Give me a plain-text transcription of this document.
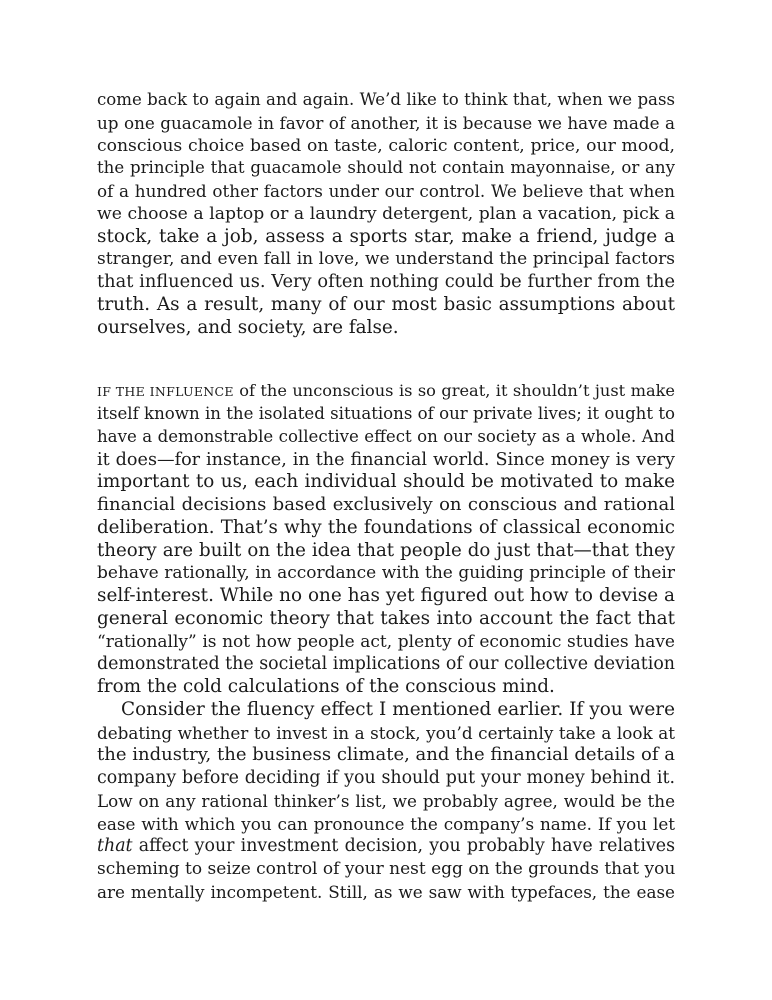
come back to again and again. We’d like to think that, when we pass
up one guacamole in favor of another, it is because we have made a
conscious choice based on taste, caloric content, price, our mood,
the principle that guacamole should not contain mayonnaise, or any
of a hundred other factors under our control. We believe that when
we choose a laptop or a laundry detergent, plan a vacation, pick a
stock, take a job, assess a sports star, make a friend, judge a
stranger, and even fall in love, we understand the principal factors
that influenced us. Very often nothing could be further from the
truth. As a result, many of our most basic assumptions about
ourselves, and society, are false.
IF THE INFLUENCE of the unconscious is so great, it shouldn’t just make
itself known in the isolated situations of our private lives; it ought to
have a demonstrable collective effect on our society as a whole. And
it does—for instance, in the financial world. Since money is very
important to us, each individual should be motivated to make
financial decisions based exclusively on conscious and rational
deliberation. That’s why the foundations of classical economic
theory are built on the idea that people do just that—that they
behave rationally, in accordance with the guiding principle of their
self-interest. While no one has yet figured out how to devise a
general economic theory that takes into account the fact that
“rationally” is not how people act, plenty of economic studies have
demonstrated the societal implications of our collective deviation
from the cold calculations of the conscious mind.
Consider the fluency effect I mentioned earlier. If you were
debating whether to invest in a stock, you’d certainly take a look at
the industry, the business climate, and the financial details of a
company before deciding if you should put your money behind it.
Low on any rational thinker’s list, we probably agree, would be the
ease with which you can pronounce the company’s name. If you let
that affect your investment decision, you probably have relatives
scheming to seize control of your nest egg on the grounds that you
are mentally incompetent. Still, as we saw with typefaces, the ease
